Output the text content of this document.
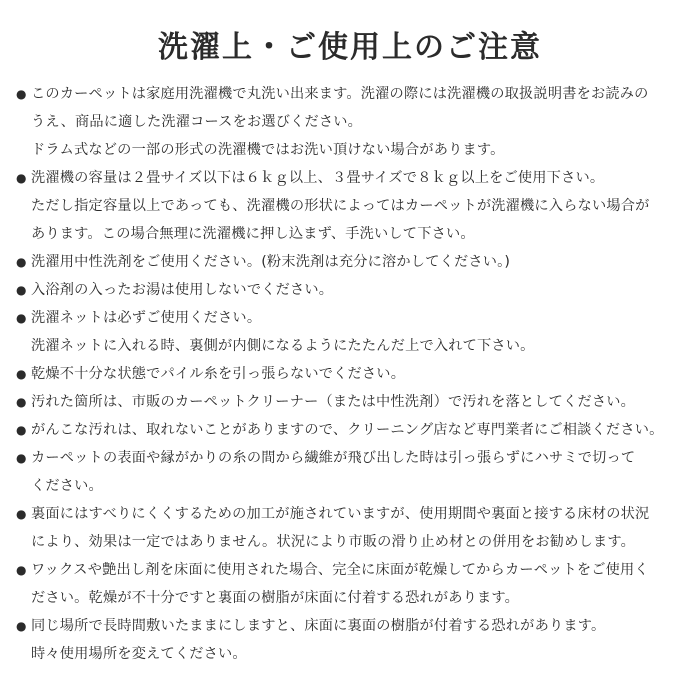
洗濯上・ご使用上のご注意
● このカーペットは家庭用洗濯機で丸洗い出来ます。洗濯の際には洗濯機の取扱説明書をお読みの
うえ、商品に適した洗濯コースをお選びください。
ドラム式などの一部の形式の洗濯機ではお洗い頂けない場合があります。
● 洗濯機の容量は２畳サイズ以下は６ｋｇ以上、３畳サイズで８ｋｇ以上をご使用下さい。
ただし指定容量以上であっても、洗濯機の形状によってはカーペットが洗濯機に入らない場合が
あります。この場合無理に洗濯機に押し込まず、手洗いして下さい。
● 洗濯用中性洗剤をご使用ください。(粉末洗剤は充分に溶かしてください。)
● 入浴剤の入ったお湯は使用しないでください。
● 洗濯ネットは必ずご使用ください。
洗濯ネットに入れる時、裏側が内側になるようにたたんだ上で入れて下さい。
● 乾燥不十分な状態でパイル糸を引っ張らないでください。
● 汚れた箇所は、市販のカーペットクリーナー（または中性洗剤）で汚れを落としてください。
● がんこな汚れは、取れないことがありますので、クリーニング店など専門業者にご相談ください。
● カーペットの表面や縁がかりの糸の間から繊維が飛び出した時は引っ張らずにハサミで切って
ください。
● 裏面にはすべりにくくするための加工が施されていますが、使用期間や裏面と接する床材の状況
により、効果は一定ではありません。状況により市販の滑り止め材との併用をお勧めします。
● ワックスや艶出し剤を床面に使用された場合、完全に床面が乾燥してからカーペットをご使用く
ださい。乾燥が不十分ですと裏面の樹脂が床面に付着する恐れがあります。
● 同じ場所で長時間敷いたままにしますと、床面に裏面の樹脂が付着する恐れがあります。
時々使用場所を変えてください。
